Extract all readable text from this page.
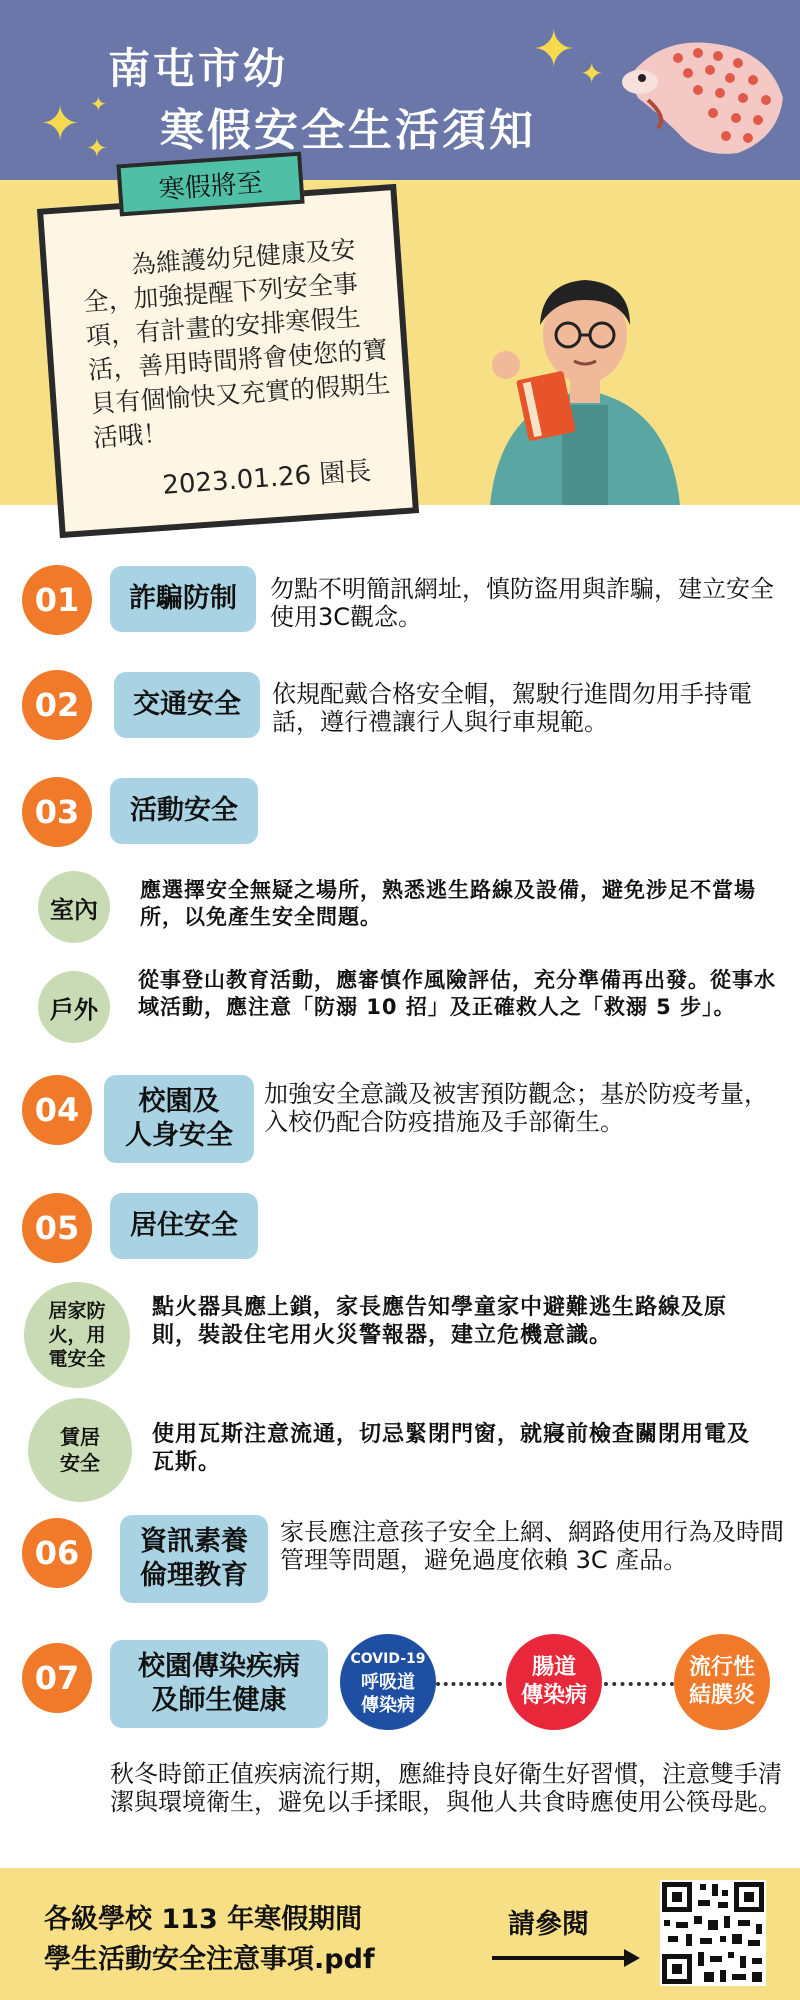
南屯市幼
寒假安全生活須知
✦ ✦
✦ ✦
✦
　　為維護幼兒健康及安全，加強提醒下列安全事項，有計畫的安排寒假生活，善用時間將會使您的寶貝有個愉快又充實的假期生活哦！
2023.01.26 園長
寒假將至
01	詐騙防制	勿點不明簡訊網址，慎防盜用與詐騙，建立安全使用3C觀念。
02	交通安全	依規配戴合格安全帽，駕駛行進間勿用手持電話，遵行禮讓行人與行車規範。
03	活動安全
室內
應選擇安全無疑之場所，熟悉逃生路線及設備，避免涉足不當場所，以免產生安全問題。
戶外
從事登山教育活動，應審慎作風險評估，充分準備再出發。從事水域活動，應注意「防溺 10 招」及正確救人之「救溺 5 步」。
04	校園及
人身安全
加強安全意識及被害預防觀念；基於防疫考量，入校仍配合防疫措施及手部衛生。
05	居住安全
居家防
火，用
電安全
點火器具應上鎖，家長應告知學童家中避難逃生路線及原則，裝設住宅用火災警報器，建立危機意識。
賃居
安全
使用瓦斯注意流通，切忌緊閉門窗，就寢前檢查關閉用電及瓦斯。
06	資訊素養
倫理教育
家長應注意孩子安全上網、網路使用行為及時間管理等問題，避免過度依賴 3C 產品。
07	校園傳染疾病
及師生健康
COVID-19
呼吸道
傳染病
腸道
傳染病
流行性
結膜炎
秋冬時節正值疾病流行期，應維持良好衛生好習慣，注意雙手清潔與環境衛生，避免以手揉眼，與他人共食時應使用公筷母匙。
各級學校 113 年寒假期間
學生活動安全注意事項.pdf
請參閱
